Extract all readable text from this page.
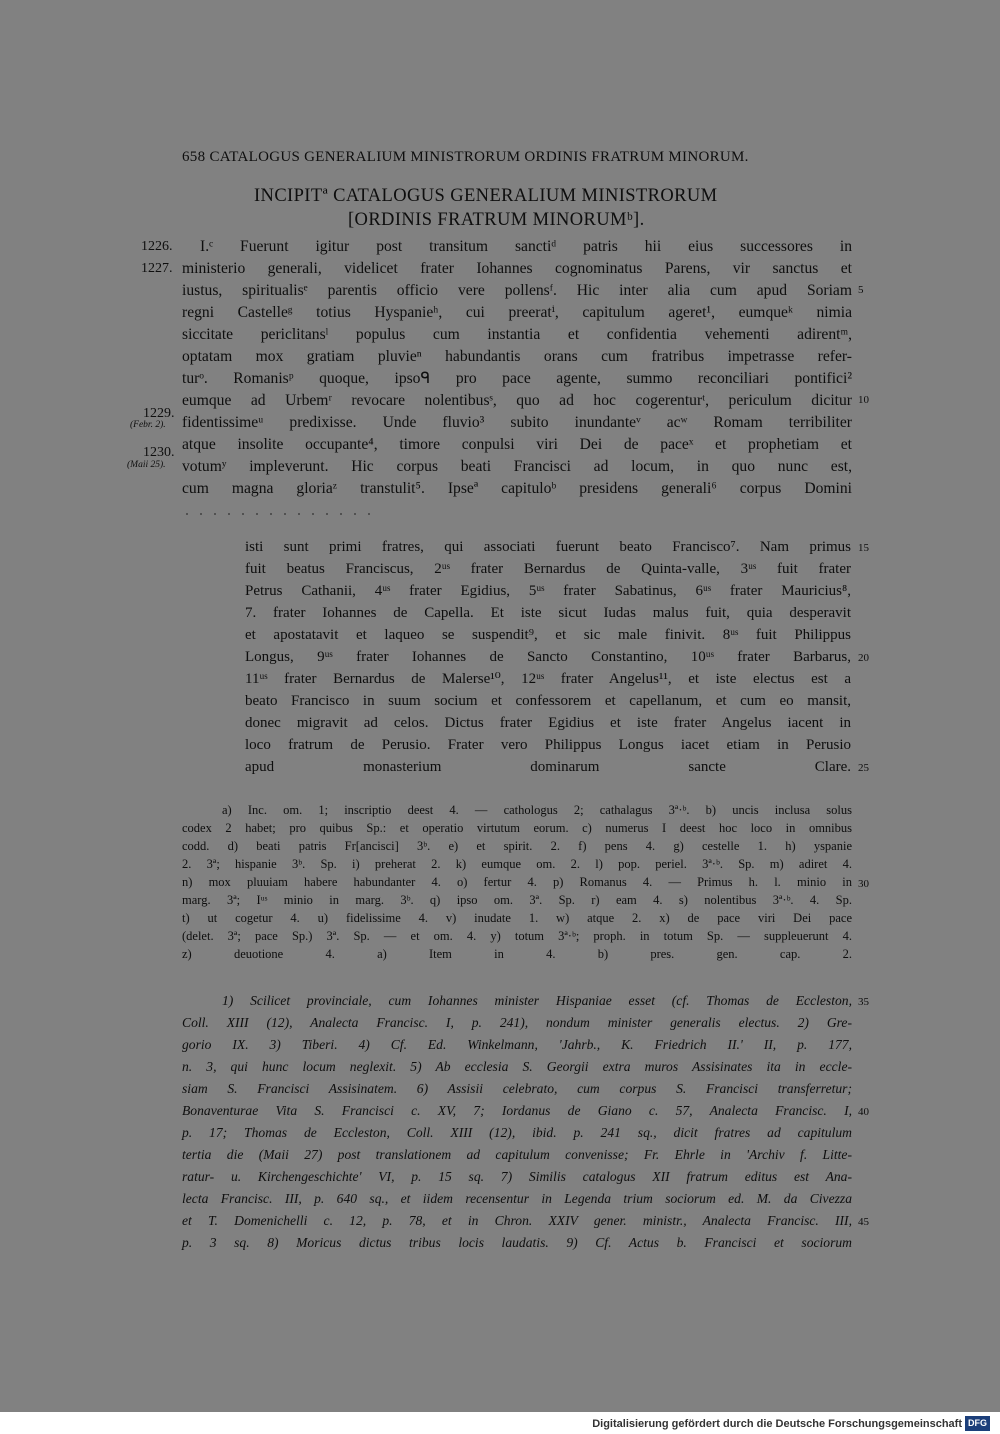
658 CATALOGUS GENERALIUM MINISTRORUM ORDINIS FRATRUM MINORUM.
INCIPITª CATALOGUS GENERALIUM MINISTRORUM
[ORDINIS FRATRUM MINORUMᵇ].
1226.
1227.
1229.
(Febr. 2).
1230.
(Maii 25).
I.ᶜ Fuerunt igitur post transitum sanctiᵈ patris hii eius successores in
ministerio generali, videlicet frater Iohannes cognominatus Parens, vir sanctus et
iustus, spiritualisᵉ parentis officio vere pollensᶠ. Hic inter alia cum apud Soriam
regni Castelleᵍ totius Hyspanieʰ, cui preeratⁱ, capitulum ageret¹, eumqueᵏ nimia
siccitate periclitansˡ populus cum instantia et confidentia vehementi adirentᵐ,
optatam mox gratiam pluvieⁿ habundantis orans cum fratribus impetrasse refer-
turᵒ. Romanisᵖ quoque, ipsoᑫ pro pace agente, summo reconciliari pontifici²
eumque ad Urbemʳ revocare nolentibusˢ, quo ad hoc cogerenturᵗ, periculum dicitur
fidentissimeᵘ predixisse. Unde fluvio³ subito inundanteᵛ acʷ Romam terribiliter
atque insolite occupante⁴, timore conpulsi viri Dei de paceˣ et prophetiam et
votumʸ impleverunt. Hic corpus beati Francisci ad locum, in quo nunc est,
cum magna gloriaᶻ transtulit⁵. Ipseª capituloᵇ presidens generali⁶ corpus Domini
isti sunt primi fratres, qui associati fuerunt beato Francisco⁷. Nam primus
fuit beatus Franciscus, 2ᵘˢ frater Bernardus de Quinta-valle, 3ᵘˢ fuit frater
Petrus Cathanii, 4ᵘˢ frater Egidius, 5ᵘˢ frater Sabatinus, 6ᵘˢ frater Mauricius⁸,
7. frater Iohannes de Capella. Et iste sicut Iudas malus fuit, quia desperavit
et apostatavit et laqueo se suspendit⁹, et sic male finivit. 8ᵘˢ fuit Philippus
Longus, 9ᵘˢ frater Iohannes de Sancto Constantino, 10ᵘˢ frater Barbarus,
11ᵘˢ frater Bernardus de Malerse¹⁰, 12ᵘˢ frater Angelus¹¹, et iste electus est a
beato Francisco in suum socium et confessorem et capellanum, et cum eo mansit,
donec migravit ad celos. Dictus frater Egidius et iste frater Angelus iacent in
loco fratrum de Perusio. Frater vero Philippus Longus iacet etiam in Perusio
apud monasterium dominarum sancte Clare.
a) Inc. om. 1; inscriptio deest 4. — cathologus 2; cathalagus 3ª·ᵇ. b) uncis inclusa solus
codex 2 habet; pro quibus Sp.: et operatio virtutum eorum. c) numerus I deest hoc loco in omnibus
codd. d) beati patris Fr[ancisci] 3ᵇ. e) et spirit. 2. f) pens 4. g) cestelle 1. h) yspanie
2. 3ª; hispanie 3ᵇ. Sp. i) preherat 2. k) eumque om. 2. l) pop. periel. 3ª·ᵇ. Sp. m) adiret 4.
n) mox pluuiam habere habundanter 4. o) fertur 4. p) Romanus 4. — Primus h. l. minio in
marg. 3ª; Iᵘˢ minio in marg. 3ᵇ. q) ipso om. 3ª. Sp. r) eam 4. s) nolentibus 3ª·ᵇ. 4. Sp.
t) ut cogetur 4. u) fidelissime 4. v) inudate 1. w) atque 2. x) de pace viri Dei pace
(delet. 3ª; pace Sp.) 3ª. Sp. — et om. 4. y) totum 3ª·ᵇ; proph. in totum Sp. — suppleuerunt 4.
z) deuotione 4. a) Item in 4. b) pres. gen. cap. 2.
1) Scilicet provinciale, cum Iohannes minister Hispaniae esset (cf. Thomas de Eccleston,
Coll. XIII (12), Analecta Francisc. I, p. 241), nondum minister generalis electus. 2) Gre-
gorio IX. 3) Tiberi. 4) Cf. Ed. Winkelmann, 'Jahrb., K. Friedrich II.' II, p. 177,
n. 3, qui hunc locum neglexit. 5) Ab ecclesia S. Georgii extra muros Assisinates ita in eccle-
siam S. Francisci Assisinatem. 6) Assisii celebrato, cum corpus S. Francisci transferretur;
Bonaventurae Vita S. Francisci c. XV, 7; Iordanus de Giano c. 57, Analecta Francisc. I,
p. 17; Thomas de Eccleston, Coll. XIII (12), ibid. p. 241 sq., dicit fratres ad capitulum
tertia die (Maii 27) post translationem ad capitulum convenisse; Fr. Ehrle in 'Archiv f. Litte-
ratur- u. Kirchengeschichte' VI, p. 15 sq. 7) Similis catalogus XII fratrum editus est Ana-
lecta Francisc. III, p. 640 sq., et iidem recensentur in Legenda trium sociorum ed. M. da Civezza
et T. Domenichelli c. 12, p. 78, et in Chron. XXIV gener. ministr., Analecta Francisc. III,
p. 3 sq. 8) Moricus dictus tribus locis laudatis. 9) Cf. Actus b. Francisci et sociorum
5
10
15
20
25
30
35
40
45
Digitalisierung gefördert durch die Deutsche Forschungsgemeinschaft DFG
